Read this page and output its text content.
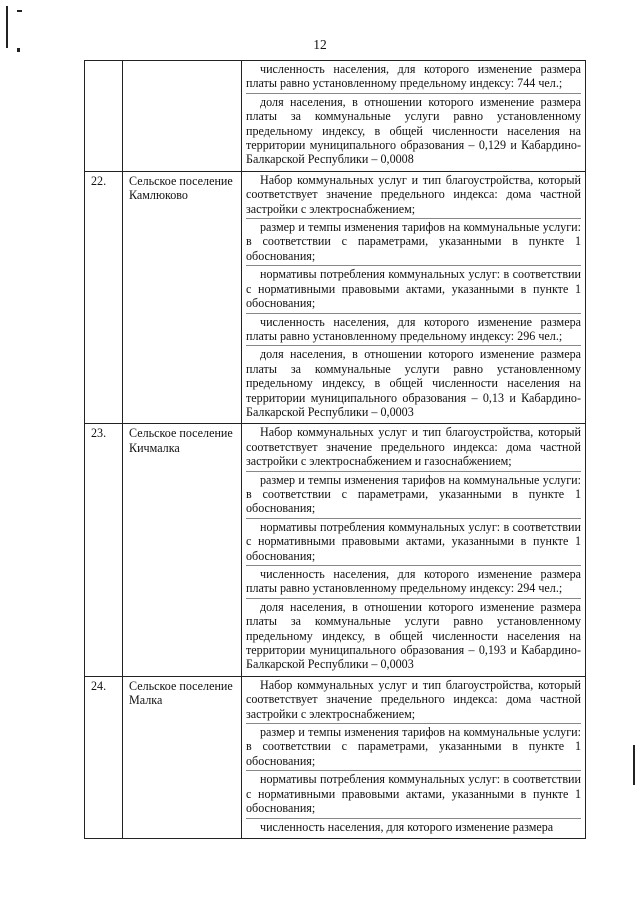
12

		численность населения, для которого изменение размера платы равно установленному предельному индексу: 744 чел.;
доля населения, в отношении которого изменение размера платы за коммунальные услуги равно установленному предельному индексу, в общей численности населения на территории муниципального образования – 0,129 и Кабардино-Балкарской Республики – 0,0008

22.	Сельское поселение Камлюково	Набор коммунальных услуг и тип благоустройства, который соответствует значение предельного индекса: дома частной застройки с электроснабжением;
размер и темпы изменения тарифов на коммунальные услуги: в соответствии с параметрами, указанными в пункте 1 обоснования;
нормативы потребления коммунальных услуг: в соответствии с нормативными правовыми актами, указанными в пункте 1 обоснования;
численность населения, для которого изменение размера платы равно установленному предельному индексу: 296 чел.;
доля населения, в отношении которого изменение размера платы за коммунальные услуги равно установленному предельному индексу, в общей численности населения на территории муниципального образования – 0,13 и Кабардино-Балкарской Республики – 0,0003

23.	Сельское поселение Кичмалка	Набор коммунальных услуг и тип благоустройства, который соответствует значение предельного индекса: дома частной застройки с электроснабжением и газоснабжением;
размер и темпы изменения тарифов на коммунальные услуги: в соответствии с параметрами, указанными в пункте 1 обоснования;
нормативы потребления коммунальных услуг: в соответствии с нормативными правовыми актами, указанными в пункте 1 обоснования;
численность населения, для которого изменение размера платы равно установленному предельному индексу: 294 чел.;
доля населения, в отношении которого изменение размера платы за коммунальные услуги равно установленному предельному индексу, в общей численности населения на территории муниципального образования – 0,193 и Кабардино-Балкарской Республики – 0,0003

24.	Сельское поселение Малка	Набор коммунальных услуг и тип благоустройства, который соответствует значение предельного индекса: дома частной застройки с электроснабжением;
размер и темпы изменения тарифов на коммунальные услуги: в соответствии с параметрами, указанными в пункте 1 обоснования;
нормативы потребления коммунальных услуг: в соответствии с нормативными правовыми актами, указанными в пункте 1 обоснования;
численность населения, для которого изменение размера
